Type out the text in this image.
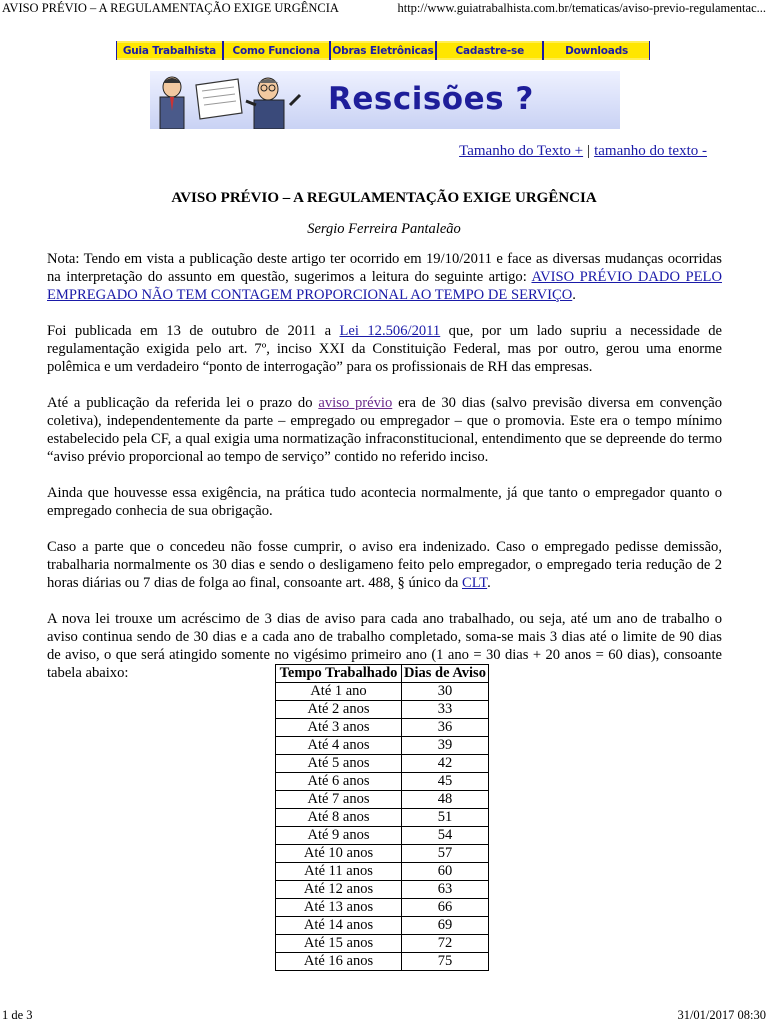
AVISO PRÉVIO – A REGULAMENTAÇÃO EXIGE URGÊNCIA	http://www.guiatrabalhista.com.br/tematicas/aviso-previo-regulamentac...
Guia Trabalhista	Como Funciona	Obras Eletrônicas	Cadastre-se	Downloads
Rescisões ?
Tamanho do Texto + | tamanho do texto -
AVISO PRÉVIO – A REGULAMENTAÇÃO EXIGE URGÊNCIA
Sergio Ferreira Pantaleão

Nota: Tendo em vista a publicação deste artigo ter ocorrido em 19/10/2011 e face as diversas mudanças ocorridas na interpretação do assunto em questão, sugerimos a leitura do seguinte artigo: AVISO PRÉVIO DADO PELO EMPREGADO NÃO TEM CONTAGEM PROPORCIONAL AO TEMPO DE SERVIÇO.

Foi publicada em 13 de outubro de 2011 a Lei 12.506/2011 que, por um lado supriu a necessidade de regulamentação exigida pelo art. 7º, inciso XXI da Constituição Federal, mas por outro, gerou uma enorme polêmica e um verdadeiro “ponto de interrogação” para os profissionais de RH das empresas.

Até a publicação da referida lei o prazo do aviso prévio era de 30 dias (salvo previsão diversa em convenção coletiva), independentemente da parte – empregado ou empregador – que o promovia. Este era o tempo mínimo estabelecido pela CF, a qual exigia uma normatização infraconstitucional, entendimento que se depreende do termo “aviso prévio proporcional ao tempo de serviço” contido no referido inciso.

Ainda que houvesse essa exigência, na prática tudo acontecia normalmente, já que tanto o empregador quanto o empregado conhecia de sua obrigação.

Caso a parte que o concedeu não fosse cumprir, o aviso era indenizado. Caso o empregado pedisse demissão, trabalharia normalmente os 30 dias e sendo o desligameno feito pelo empregador, o empregado teria redução de 2 horas diárias ou 7 dias de folga ao final, consoante art. 488, § único da CLT.

A nova lei trouxe um acréscimo de 3 dias de aviso para cada ano trabalhado, ou seja, até um ano de trabalho o aviso continua sendo de 30 dias e a cada ano de trabalho completado, soma-se mais 3 dias até o limite de 90 dias de aviso, o que será atingido somente no vigésimo primeiro ano (1 ano = 30 dias + 20 anos = 60 dias), consoante tabela abaixo:	Tempo Trabalhado	Dias de Aviso
Até 1 ano	30
Até 2 anos	33
Até 3 anos	36
Até 4 anos	39
Até 5 anos	42
Até 6 anos	45
Até 7 anos	48
Até 8 anos	51
Até 9 anos	54
Até 10 anos	57
Até 11 anos	60
Até 12 anos	63
Até 13 anos	66
Até 14 anos	69
Até 15 anos	72
Até 16 anos	75
1 de 3	31/01/2017 08:30
